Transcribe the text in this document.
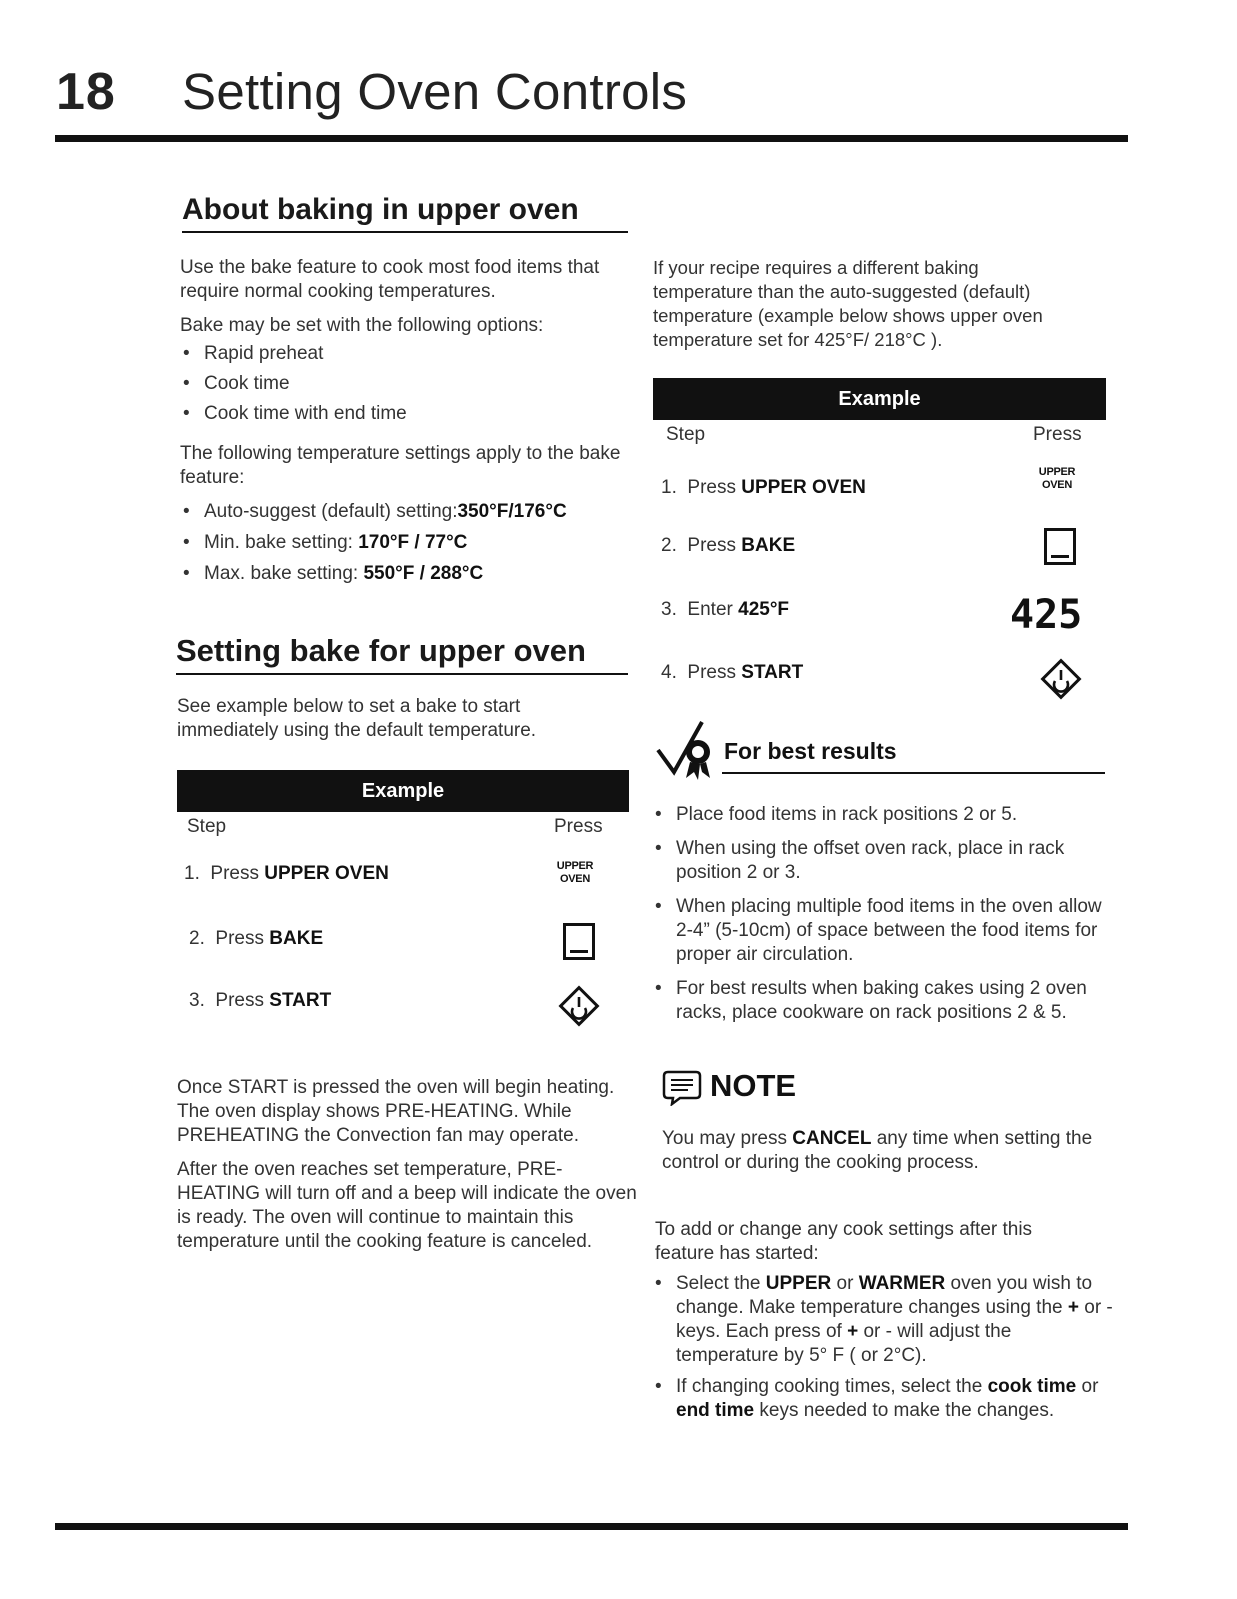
18 Setting Oven Controls
About baking in upper oven

Use the bake feature to cook most food items that require normal cooking temperatures.

Bake may be set with the following options:

• Rapid preheat
• Cook time
• Cook time with end time

The following temperature settings apply to the bake feature:

• Auto-suggest (default) setting:350°F/176°C
• Min. bake setting: 170°F / 77°C
• Max. bake setting: 550°F / 288°C
Setting bake for upper oven
See example below to set a bake to start immediately using the default temperature.
Example
Step	Press
1. Press UPPER OVEN	UPPER
OVEN
2. Press BAKE
3. Press START

Once START is pressed the oven will begin heating. The oven display shows PRE-HEATING. While PREHEATING the Convection fan may operate.

After the oven reaches set temperature, PRE-HEATING will turn off and a beep will indicate the oven is ready. The oven will continue to maintain this temperature until the cooking feature is canceled.

If your recipe requires a different baking temperature than the auto-suggested (default) temperature (example below shows upper oven temperature set for 425°F/ 218°C ).
Example
Step	Press
1. Press UPPER OVEN
UPPER
OVEN
2. Press BAKE
3. Enter 425°F	425
4. Press START
For best results
• Place food items in rack positions 2 or 5.
• When using the offset oven rack, place in rack position 2 or 3.
• When placing multiple food items in the oven allow 2-4” (5-10cm) of space between the food items for proper air circulation.
• For best results when baking cakes using 2 oven racks, place cookware on rack positions 2 & 5.
NOTE
You may press CANCEL any time when setting the control or during the cooking process.
To add or change any cook settings after this feature has started:
• Select the UPPER or WARMER oven you wish to change. Make temperature changes using the + or - keys. Each press of + or - will adjust the temperature by 5° F ( or 2°C).
• If changing cooking times, select the cook time or end time keys needed to make the changes.
